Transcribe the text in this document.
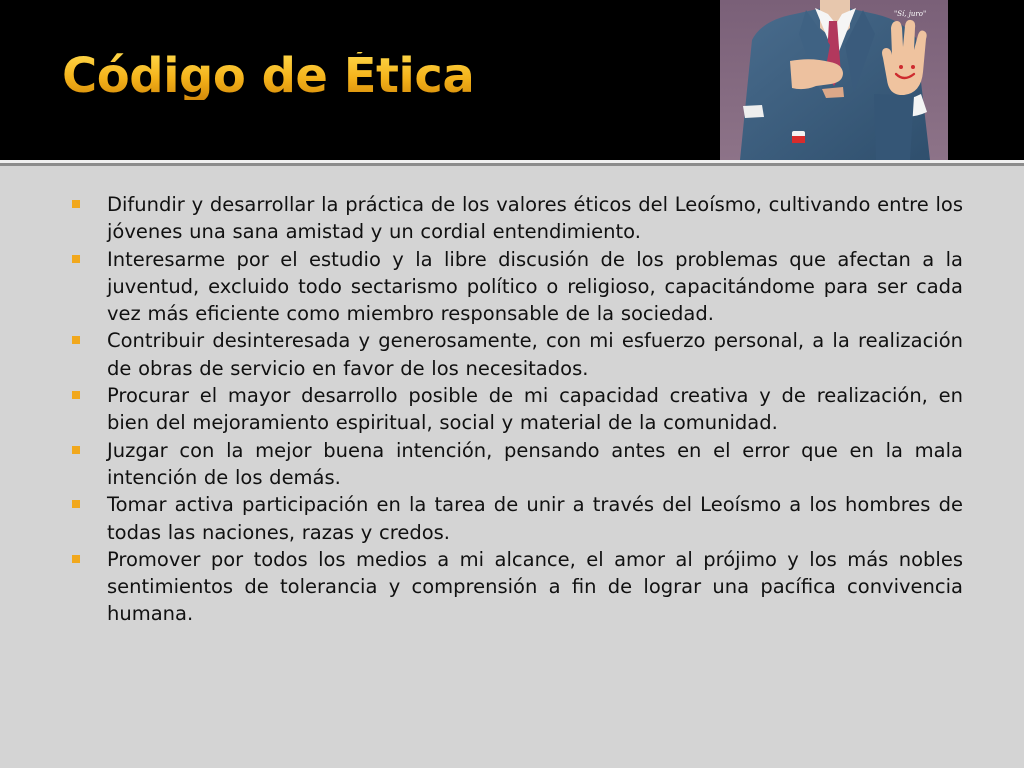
Código de Ética
"Sí, juro"
Difundir y desarrollar la práctica de los valores éticos del Leoísmo, cultivando entre los jóvenes una sana amistad y un cordial entendimiento.
Interesarme por el estudio y la libre discusión de los problemas que afectan a la juventud, excluido todo sectarismo político o religioso, capacitándome para ser cada vez más eficiente como miembro responsable de la sociedad.
Contribuir desinteresada y generosamente, con mi esfuerzo personal, a la realización de obras de servicio en favor de los necesitados.
Procurar el mayor desarrollo posible de mi capacidad creativa y de realización, en bien del mejoramiento espiritual, social y material de la comunidad.
Juzgar con la mejor buena intención, pensando antes en el error que en la mala intención de los demás.
Tomar activa participación en la tarea de unir a través del Leoísmo a los hombres de todas las naciones, razas y credos.
Promover por todos los medios a mi alcance, el amor al prójimo y los más nobles sentimientos de tolerancia y comprensión a fin de lograr una pacífica convivencia humana.
